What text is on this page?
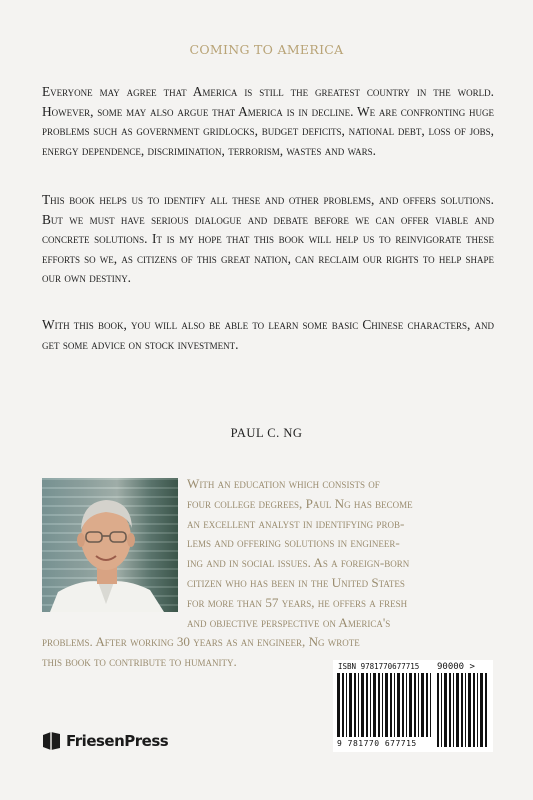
COMING TO AMERICA

Everyone may agree that America is still the greatest country in the world. However, some may also argue that America is in decline. We are confronting huge problems such as government gridlocks, budget deficits, national debt, loss of jobs, energy dependence, discrimination, terrorism, wastes and wars.

This book helps us to identify all these and other problems, and offers solutions. But we must have serious dialogue and debate before we can offer viable and concrete solutions. It is my hope that this book will help us to reinvigorate these efforts so we, as citizens of this great nation, can reclaim our rights to help shape our own destiny.

With this book, you will also be able to learn some basic Chinese characters, and get some advice on stock investment.

PAUL C. NG

With an education which consists of
four college degrees, Paul Ng has become
an excellent analyst in identifying prob-
lems and offering solutions in engineer-
ing and in social issues. As a foreign-born
citizen who has been in the United States
for more than 57 years, he offers a fresh
and objective perspective on America's
problems. After working 30 years as an engineer, Ng wrote
this book to contribute to humanity.	ISBN 9781770677715 90000 >
9 781770 677715
FriesenPress
